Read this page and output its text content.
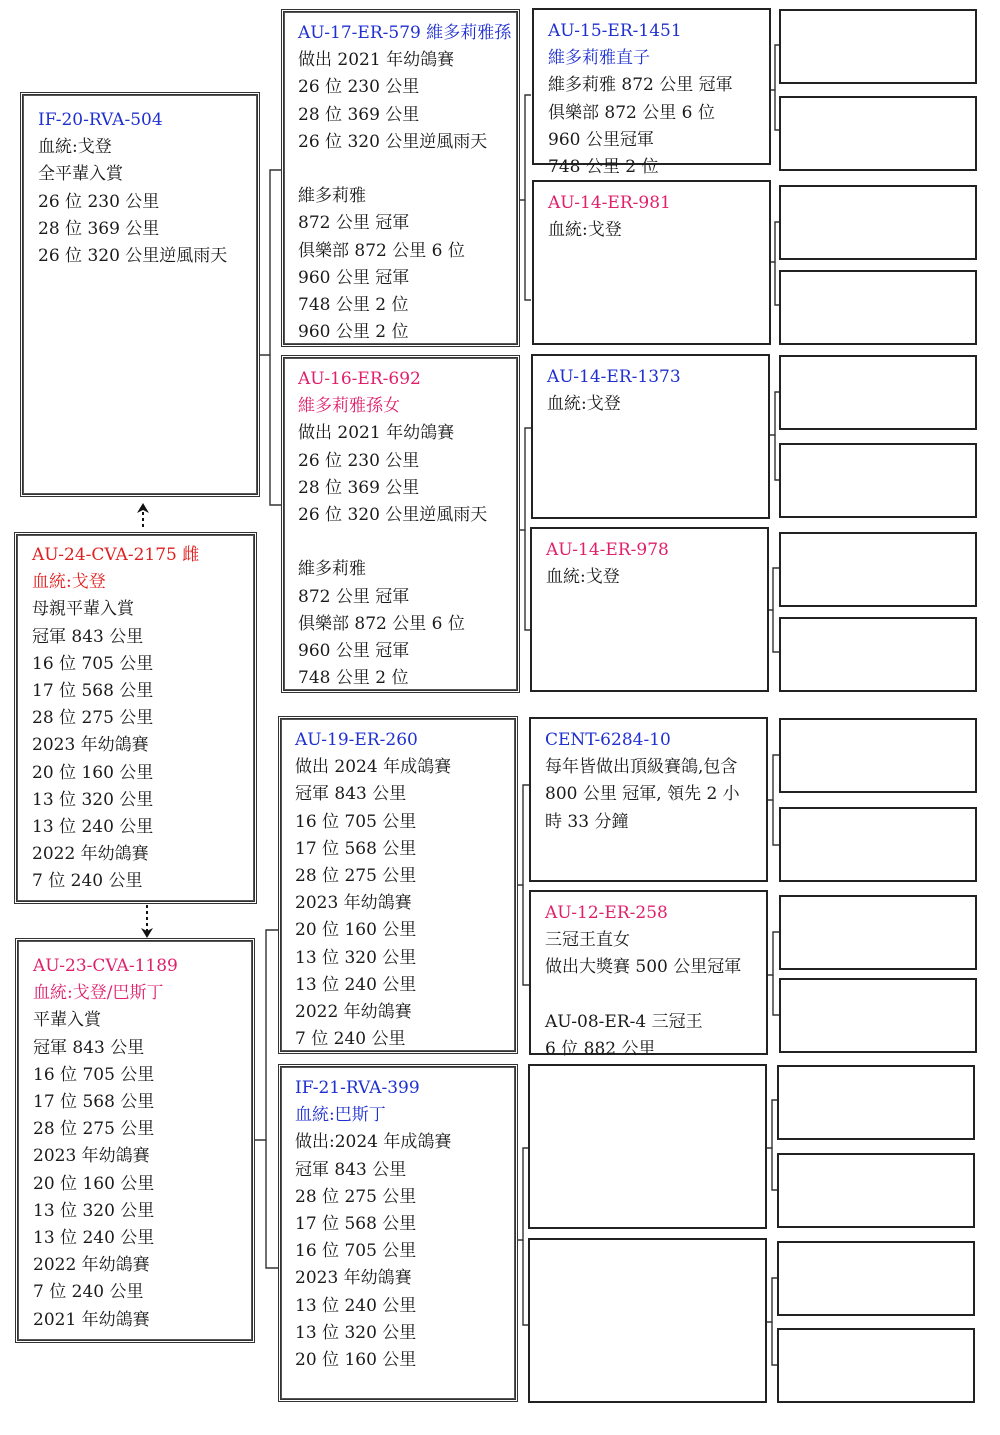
IF-20-RVA-504
血統:戈登
全平輩入賞
26 位 230 公里
28 位 369 公里
26 位 320 公里逆風雨天
AU-24-CVA-2175 雌
血統:戈登
母親平輩入賞
冠軍 843 公里
16 位 705 公里
17 位 568 公里
28 位 275 公里
2023 年幼鴿賽
20 位 160 公里
13 位 320 公里
13 位 240 公里
2022 年幼鴿賽
7 位 240 公里
AU-23-CVA-1189
血統:戈登/巴斯丁
平輩入賞
冠軍 843 公里
16 位 705 公里
17 位 568 公里
28 位 275 公里
2023 年幼鴿賽
20 位 160 公里
13 位 320 公里
13 位 240 公里
2022 年幼鴿賽
7 位 240 公里
2021 年幼鴿賽
AU-17-ER-579 維多莉雅孫
做出 2021 年幼鴿賽
26 位 230 公里
28 位 369 公里
26 位 320 公里逆風雨天

維多莉雅
872 公里 冠軍
俱樂部 872 公里 6 位
960 公里 冠軍
748 公里 2 位
960 公里 2 位
AU-16-ER-692
維多莉雅孫女
做出 2021 年幼鴿賽
26 位 230 公里
28 位 369 公里
26 位 320 公里逆風雨天

維多莉雅
872 公里 冠軍
俱樂部 872 公里 6 位
960 公里 冠軍
748 公里 2 位
AU-19-ER-260
做出 2024 年成鴿賽
冠軍 843 公里
16 位 705 公里
17 位 568 公里
28 位 275 公里
2023 年幼鴿賽
20 位 160 公里
13 位 320 公里
13 位 240 公里
2022 年幼鴿賽
7 位 240 公里
IF-21-RVA-399
血統:巴斯丁
做出:2024 年成鴿賽
冠軍 843 公里
28 位 275 公里
17 位 568 公里
16 位 705 公里
2023 年幼鴿賽
13 位 240 公里
13 位 320 公里
20 位 160 公里
AU-15-ER-1451
維多莉雅直子
維多莉雅 872 公里 冠軍
俱樂部 872 公里 6 位
960 公里冠軍
748 公里 2 位
AU-14-ER-981
血統:戈登
AU-14-ER-1373
血統:戈登
AU-14-ER-978
血統:戈登
CENT-6284-10
每年皆做出頂級賽鴿,包含
800 公里 冠軍, 領先 2 小
時 33 分鐘
AU-12-ER-258
三冠王直女
做出大獎賽 500 公里冠軍

AU-08-ER-4 三冠王
6 位 882 公里
